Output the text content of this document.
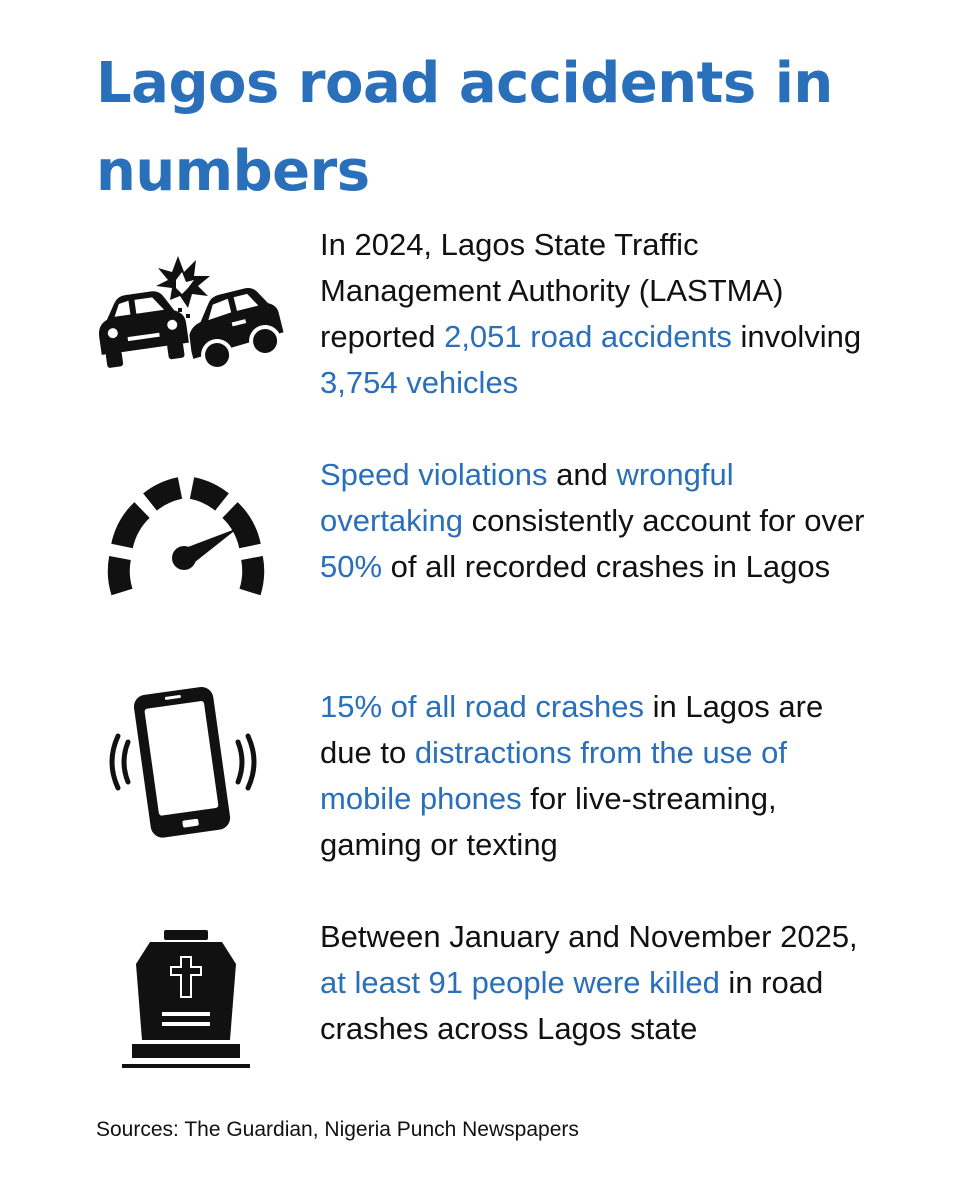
Lagos road accidents in numbers

In 2024, Lagos State Traffic Management Authority (LASTMA) reported 2,051 road accidents involving 3,754 vehicles

Speed violations and wrongful overtaking consistently account for over 50% of all recorded crashes in Lagos

15% of all road crashes in Lagos are due to distractions from the use of mobile phones for live-streaming, gaming or texting

Between January and November 2025, at least 91 people were killed in road crashes across Lagos state

Sources: The Guardian, Nigeria Punch Newspapers
